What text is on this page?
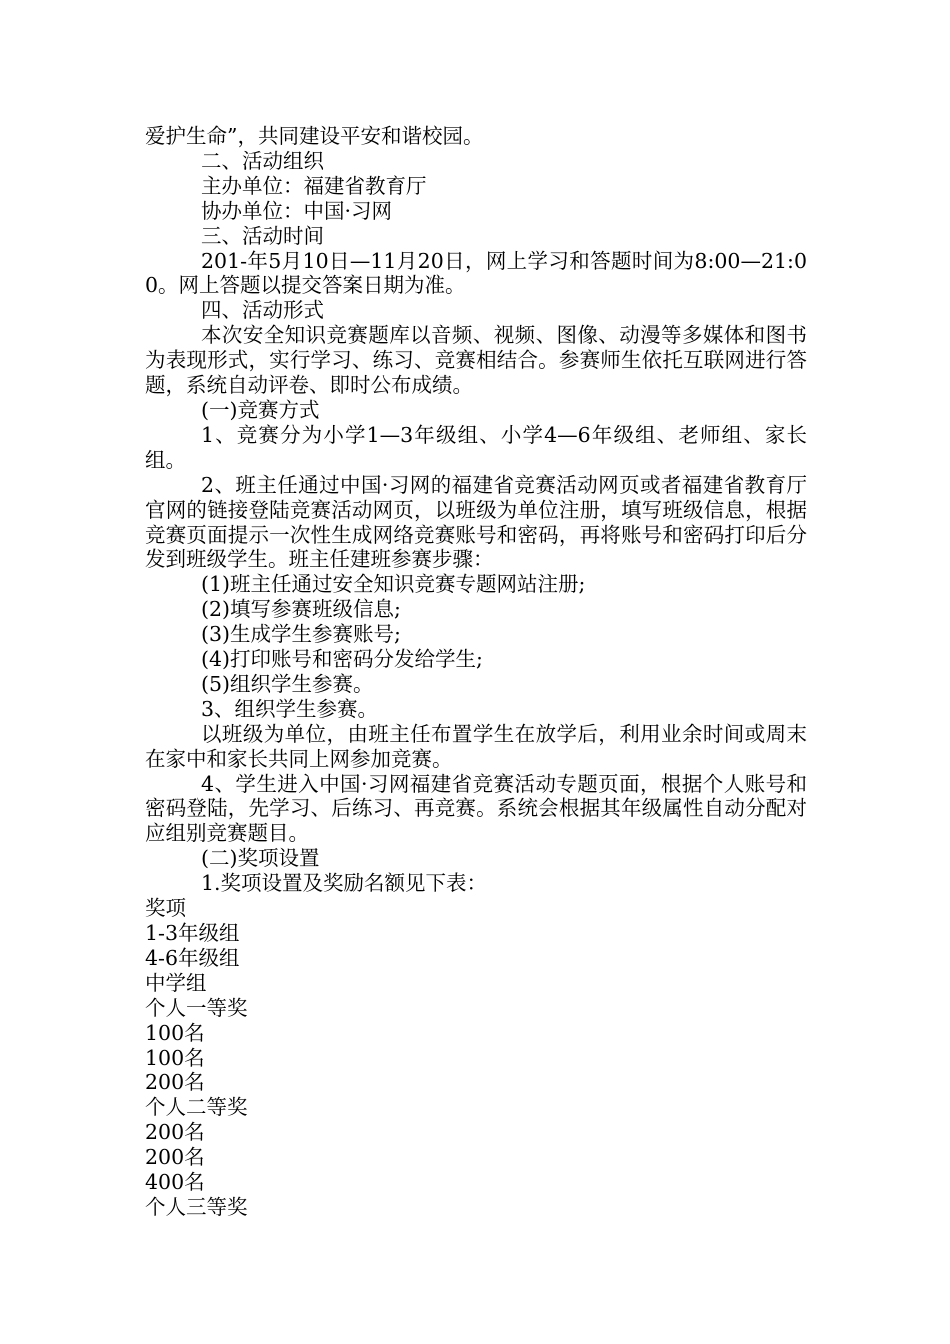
爱护生命”，共同建设平安和谐校园。

二、活动组织

主办单位：福建省教育厅

协办单位：中国·习网

三、活动时间

201-年5月10日—11月20日，网上学习和答题时间为8:00—21:00。网上答题以提交答案日期为准。

四、活动形式

本次安全知识竞赛题库以音频、视频、图像、动漫等多媒体和图书为表现形式，实行学习、练习、竞赛相结合。参赛师生依托互联网进行答题，系统自动评卷、即时公布成绩。

(一)竞赛方式

1、竞赛分为小学1—3年级组、小学4—6年级组、老师组、家长组。

2、班主任通过中国·习网的福建省竞赛活动网页或者福建省教育厅官网的链接登陆竞赛活动网页，以班级为单位注册，填写班级信息，根据竞赛页面提示一次性生成网络竞赛账号和密码，再将账号和密码打印后分发到班级学生。班主任建班参赛步骤：

(1)班主任通过安全知识竞赛专题网站注册;

(2)填写参赛班级信息;

(3)生成学生参赛账号;

(4)打印账号和密码分发给学生;

(5)组织学生参赛。

3、组织学生参赛。

以班级为单位，由班主任布置学生在放学后，利用业余时间或周末在家中和家长共同上网参加竞赛。

4、学生进入中国·习网福建省竞赛活动专题页面，根据个人账号和密码登陆，先学习、后练习、再竞赛。系统会根据其年级属性自动分配对应组别竞赛题目。

(二)奖项设置

1.奖项设置及奖励名额见下表：

奖项

1-3年级组

4-6年级组

中学组

个人一等奖

100名

100名

200名

个人二等奖

200名

200名

400名

个人三等奖
